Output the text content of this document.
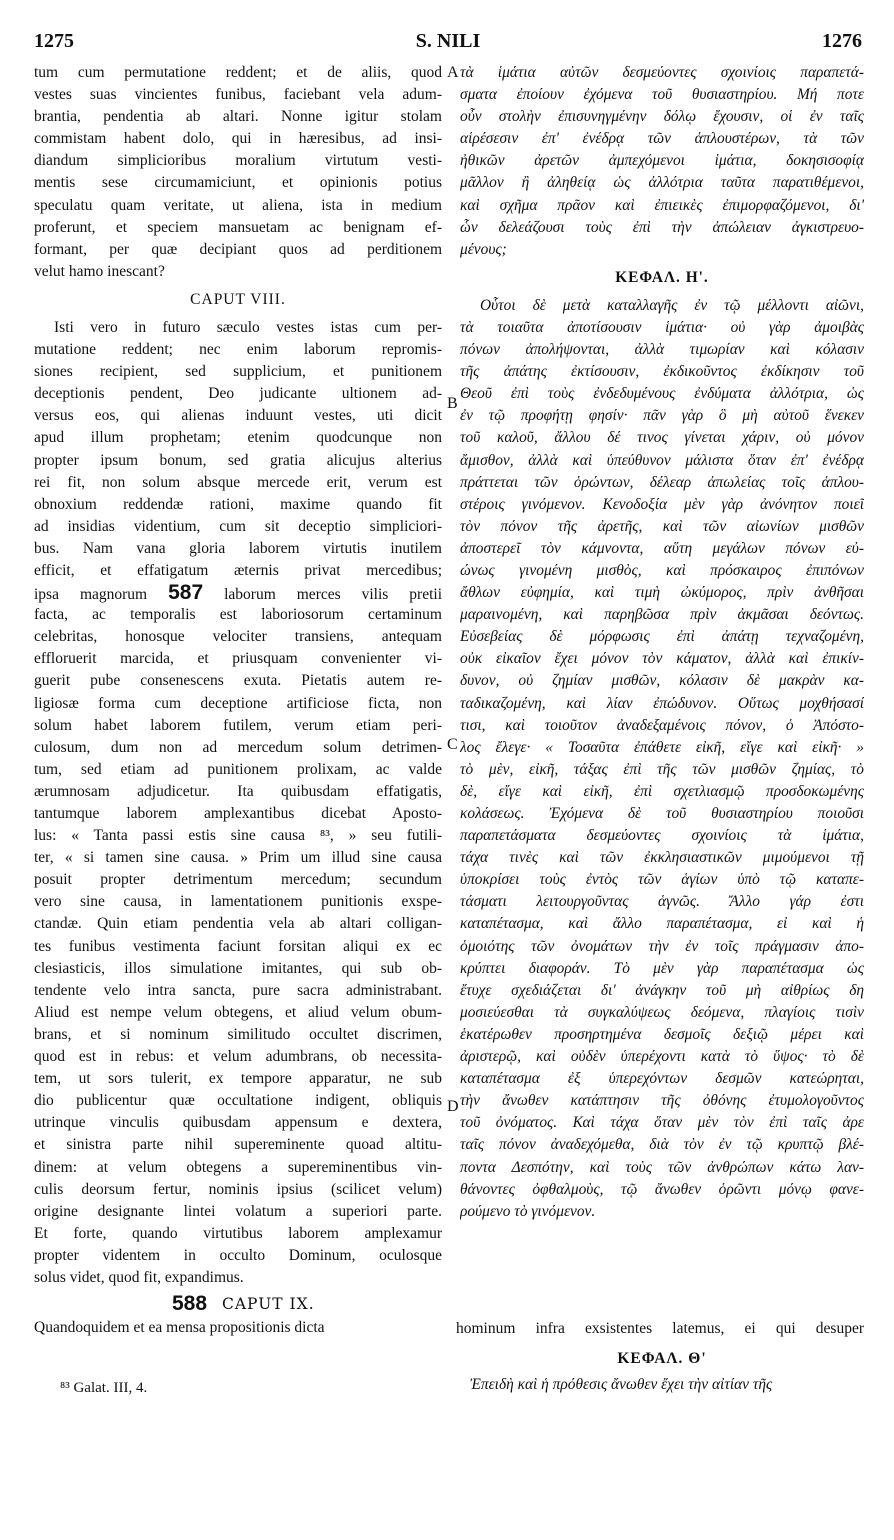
1275	S. NILI	1276
A
B
C
D
tum cum permutatione reddent; et de aliis, quod
vestes suas vincientes funibus, faciebant vela adum-
brantia, pendentia ab altari. Nonne igitur stolam
commistam habent dolo, qui in hæresibus, ad insi-
diandum simplicioribus moralium virtutum vesti-
mentis sese circumamiciunt, et opinionis potius
speculatu quam veritate, ut aliena, ista in medium
proferunt, et speciem mansuetam ac benignam ef-
formant, per quæ decipiant quos ad perditionem
velut hamo inescant?
CAPUT VIII.
Isti vero in futuro sæculo vestes istas cum per-
mutatione reddent; nec enim laborum repromis-
siones recipient, sed supplicium, et punitionem
deceptionis pendent, Deo judicante ultionem ad-
versus eos, qui alienas induunt vestes, uti dicit
apud illum prophetam; etenim quodcunque non
propter ipsum bonum, sed gratia alicujus alterius
rei fit, non solum absque mercede erit, verum est
obnoxium reddendæ rationi, maxime quando fit
ad insidias videntium, cum sit deceptio simpliciori-
bus. Nam vana gloria laborem virtutis inutilem
efficit, et effatigatum æternis privat mercedibus;
ipsa magnorum 587 laborum merces vilis pretii
facta, ac temporalis est laboriosorum certaminum
celebritas, honosque velociter transiens, antequam
effloruerit marcida, et priusquam convenienter vi-
guerit pube consenescens exuta. Pietatis autem re-
ligiosæ forma cum deceptione artificiose ficta, non
solum habet laborem futilem, verum etiam peri-
culosum, dum non ad mercedum solum detrimen-
tum, sed etiam ad punitionem prolixam, ac valde
ærumnosam adjudicetur. Ita quibusdam effatigatis,
tantumque laborem amplexantibus dicebat Aposto-
lus: « Tanta passi estis sine causa ⁸³, » seu futili-
ter, « si tamen sine causa. » Prim um illud sine causa
posuit propter detrimentum mercedum; secundum
vero sine causa, in lamentationem punitionis exspe-
ctandæ. Quin etiam pendentia vela ab altari colligan-
tes funibus vestimenta faciunt forsitan aliqui ex ec
clesiasticis, illos simulatione imitantes, qui sub ob-
tendente velo intra sancta, pure sacra administrabant.
Aliud est nempe velum obtegens, et aliud velum obum-
brans, et si nominum similitudo occultet discrimen,
quod est in rebus: et velum adumbrans, ob necessita-
tem, ut sors tulerit, ex tempore apparatur, ne sub
dio publicentur quæ occultatione indigent, obliquis
utrinque vinculis quibusdam appensum e dextera,
et sinistra parte nihil supereminente quoad altitu-
dinem: at velum obtegens a supereminentibus vin-
culis deorsum fertur, nominis ipsius (scilicet velum)
origine designante lintei volatum a superiori parte.
Et forte, quando virtutibus laborem amplexamur
propter videntem in occulto Dominum, oculosque
solus videt, quod fit, expandimus.
588 CAPUT IX.
Quandoquidem et ea mensa propositionis dicta
τὰ ἱμάτια αὐτῶν δεσμεύοντες σχοινίοις παραπετά-
σματα ἐποίουν ἐχόμενα τοῦ θυσιαστηρίου. Μή ποτε
οὖν στολὴν ἐπισυνηγμένην δόλῳ ἔχουσιν, οἱ ἐν ταῖς
αἱρέσεσιν ἐπ' ἐνέδρᾳ τῶν ἁπλουστέρων, τὰ τῶν
ἠθικῶν ἀρετῶν ἀμπεχόμενοι ἱμάτια, δοκησισοφίᾳ
μᾶλλον ἢ ἀληθείᾳ ὡς ἀλλότρια ταῦτα παρατιθέμενοι,
καὶ σχῆμα πρᾶον καὶ ἐπιεικὲς ἐπιμορφαζόμενοι, δι'
ὧν δελεάζουσι τοὺς ἐπὶ τὴν ἀπώλειαν ἀγκιστρευο-
μένους;
ΚΕΦΑΛ. Η'.
Οὗτοι δὲ μετὰ καταλλαγῆς ἐν τῷ μέλλοντι αἰῶνι,
τὰ τοιαῦτα ἀποτίσουσιν ἱμάτια· οὐ γὰρ ἀμοιβὰς
πόνων ἀπολήψονται, ἀλλὰ τιμωρίαν καὶ κόλασιν
τῆς ἀπάτης ἐκτίσουσιν, ἐκδικοῦντος ἐκδίκησιν τοῦ
Θεοῦ ἐπὶ τοὺς ἐνδεδυμένους ἐνδύματα ἀλλότρια, ὡς
ἐν τῷ προφήτῃ φησίν· πᾶν γὰρ ὃ μὴ αὐτοῦ ἕνεκεν
τοῦ καλοῦ, ἄλλου δέ τινος γίνεται χάριν, οὐ μόνον
ἄμισθον, ἀλλὰ καὶ ὑπεύθυνον μάλιστα ὅταν ἐπ' ἐνέδρᾳ
πράττεται τῶν ὁρώντων, δέλεαρ ἀπωλείας τοῖς ἁπλου-
στέροις γινόμενον. Κενοδοξία μὲν γὰρ ἀνόνητον ποιεῖ
τὸν πόνον τῆς ἀρετῆς, καὶ τῶν αἰωνίων μισθῶν
ἀποστερεῖ τὸν κάμνοντα, αὕτη μεγάλων πόνων εὐ-
ώνως γινομένη μισθὸς, καὶ πρόσκαιρος ἐπιπόνων
ἄθλων εὐφημία, καὶ τιμὴ ὠκύμορος, πρὶν ἀνθῆσαι
μαραινομένη, καὶ παρηβῶσα πρὶν ἀκμᾶσαι δεόντως.
Εὐσεβείας δὲ μόρφωσις ἐπὶ ἀπάτῃ τεχναζομένη,
οὐκ εἰκαῖον ἔχει μόνον τὸν κάματον, ἀλλὰ καὶ ἐπικίν-
δυνον, οὐ ζημίαν μισθῶν, κόλασιν δὲ μακρὰν κα-
ταδικαζομένη, καὶ λίαν ἐπώδυνον. Οὕτως μοχθήσασί
τισι, καὶ τοιοῦτον ἀναδεξαμένοις πόνον, ὁ Ἀπόστο-
λος ἔλεγε· « Τοσαῦτα ἐπάθετε εἰκῆ, εἴγε καὶ εἰκῆ· »
τὸ μὲν, εἰκῆ, τάξας ἐπὶ τῆς τῶν μισθῶν ζημίας, τὸ
δὲ, εἴγε καὶ εἰκῆ, ἐπὶ σχετλιασμῷ προσδοκωμένης
κολάσεως. Ἐχόμενα δὲ τοῦ θυσιαστηρίου ποιοῦσι
παραπετάσματα δεσμεύοντες σχοινίοις τὰ ἱμάτια,
τάχα τινὲς καὶ τῶν ἐκκλησιαστικῶν μιμούμενοι τῇ
ὑποκρίσει τοὺς ἐντὸς τῶν ἁγίων ὑπὸ τῷ καταπε-
τάσματι λειτουργοῦντας ἁγνῶς. Ἄλλο γάρ ἐστι
καταπέτασμα, καὶ ἄλλο παραπέτασμα, εἰ καὶ ἡ
ὁμοιότης τῶν ὀνομάτων τὴν ἐν τοῖς πράγμασιν ἀπο-
κρύπτει διαφοράν. Τὸ μὲν γὰρ παραπέτασμα ὡς
ἔτυχε σχεδιάζεται δι' ἀνάγκην τοῦ μὴ αἰθρίως δη
μοσιεύεσθαι τὰ συγκαλύψεως δεόμενα, πλαγίοις τισὶν
ἑκατέρωθεν προσηρτημένα δεσμοῖς δεξιῷ μέρει καὶ
ἀριστερῷ, καὶ οὐδὲν ὑπερέχοντι κατὰ τὸ ὕψος· τὸ δὲ
καταπέτασμα ἐξ ὑπερεχόντων δεσμῶν κατεώρηται,
τὴν ἄνωθεν κατάπτησιν τῆς ὀθόνης ἐτυμολογοῦντος
τοῦ ὀνόματος. Καὶ τάχα ὅταν μὲν τὸν ἐπὶ ταῖς ἀρε
ταῖς πόνον ἀναδεχόμεθα, διὰ τὸν ἐν τῷ κρυπτῷ βλέ-
ποντα Δεσπότην, καὶ τοὺς τῶν ἀνθρώπων κάτω λαν-
θάνοντες ὀφθαλμοὺς, τῷ ἄνωθεν ὁρῶντι μόνῳ φανε-
ρούμενο τὸ γινόμενον.
hominum infra exsistentes latemus, ei qui desuper
ΚΕΦΑΛ. Θ'
Ἐπειδὴ καὶ ἡ πρόθεσις ἄνωθεν ἔχει τὴν αἰτίαν τῆς
⁸³ Galat. III, 4.
